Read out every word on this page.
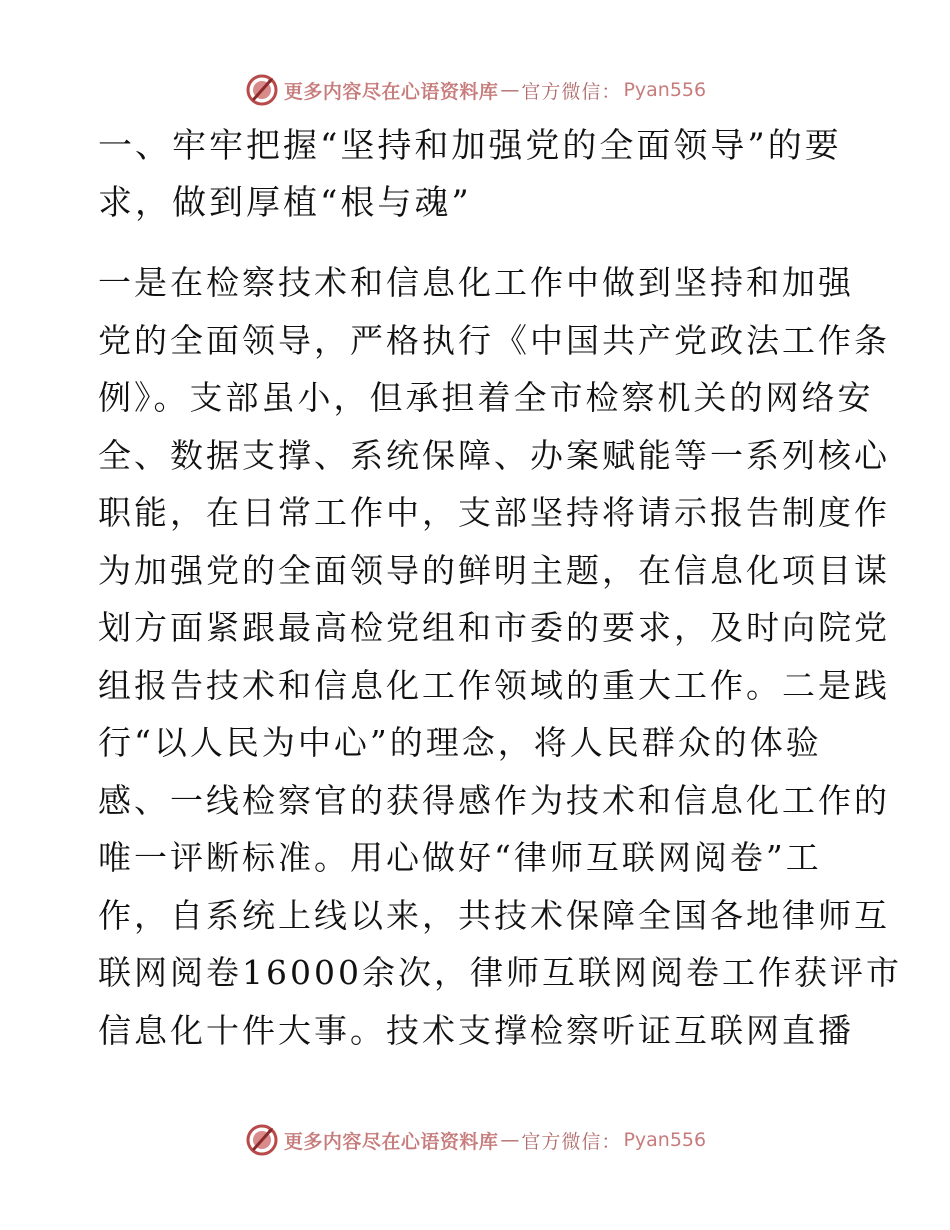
更多内容尽在心语资料库 — 官方微信： Pyan556
一、牢牢把握“坚持和加强党的全面领导”的要
求，做到厚植“根与魂”
一是在检察技术和信息化工作中做到坚持和加强
党的全面领导，严格执行《中国共产党政法工作条
例》。支部虽小，但承担着全市检察机关的网络安
全、数据支撑、系统保障、办案赋能等一系列核心
职能，在日常工作中，支部坚持将请示报告制度作
为加强党的全面领导的鲜明主题，在信息化项目谋
划方面紧跟最高检党组和市委的要求，及时向院党
组报告技术和信息化工作领域的重大工作。二是践
行“以人民为中心”的理念，将人民群众的体验
感、一线检察官的获得感作为技术和信息化工作的
唯一评断标准。用心做好“律师互联网阅卷”工
作，自系统上线以来，共技术保障全国各地律师互
联网阅卷16000余次，律师互联网阅卷工作获评市
信息化十件大事。技术支撑检察听证互联网直播
更多内容尽在心语资料库 — 官方微信： Pyan556
